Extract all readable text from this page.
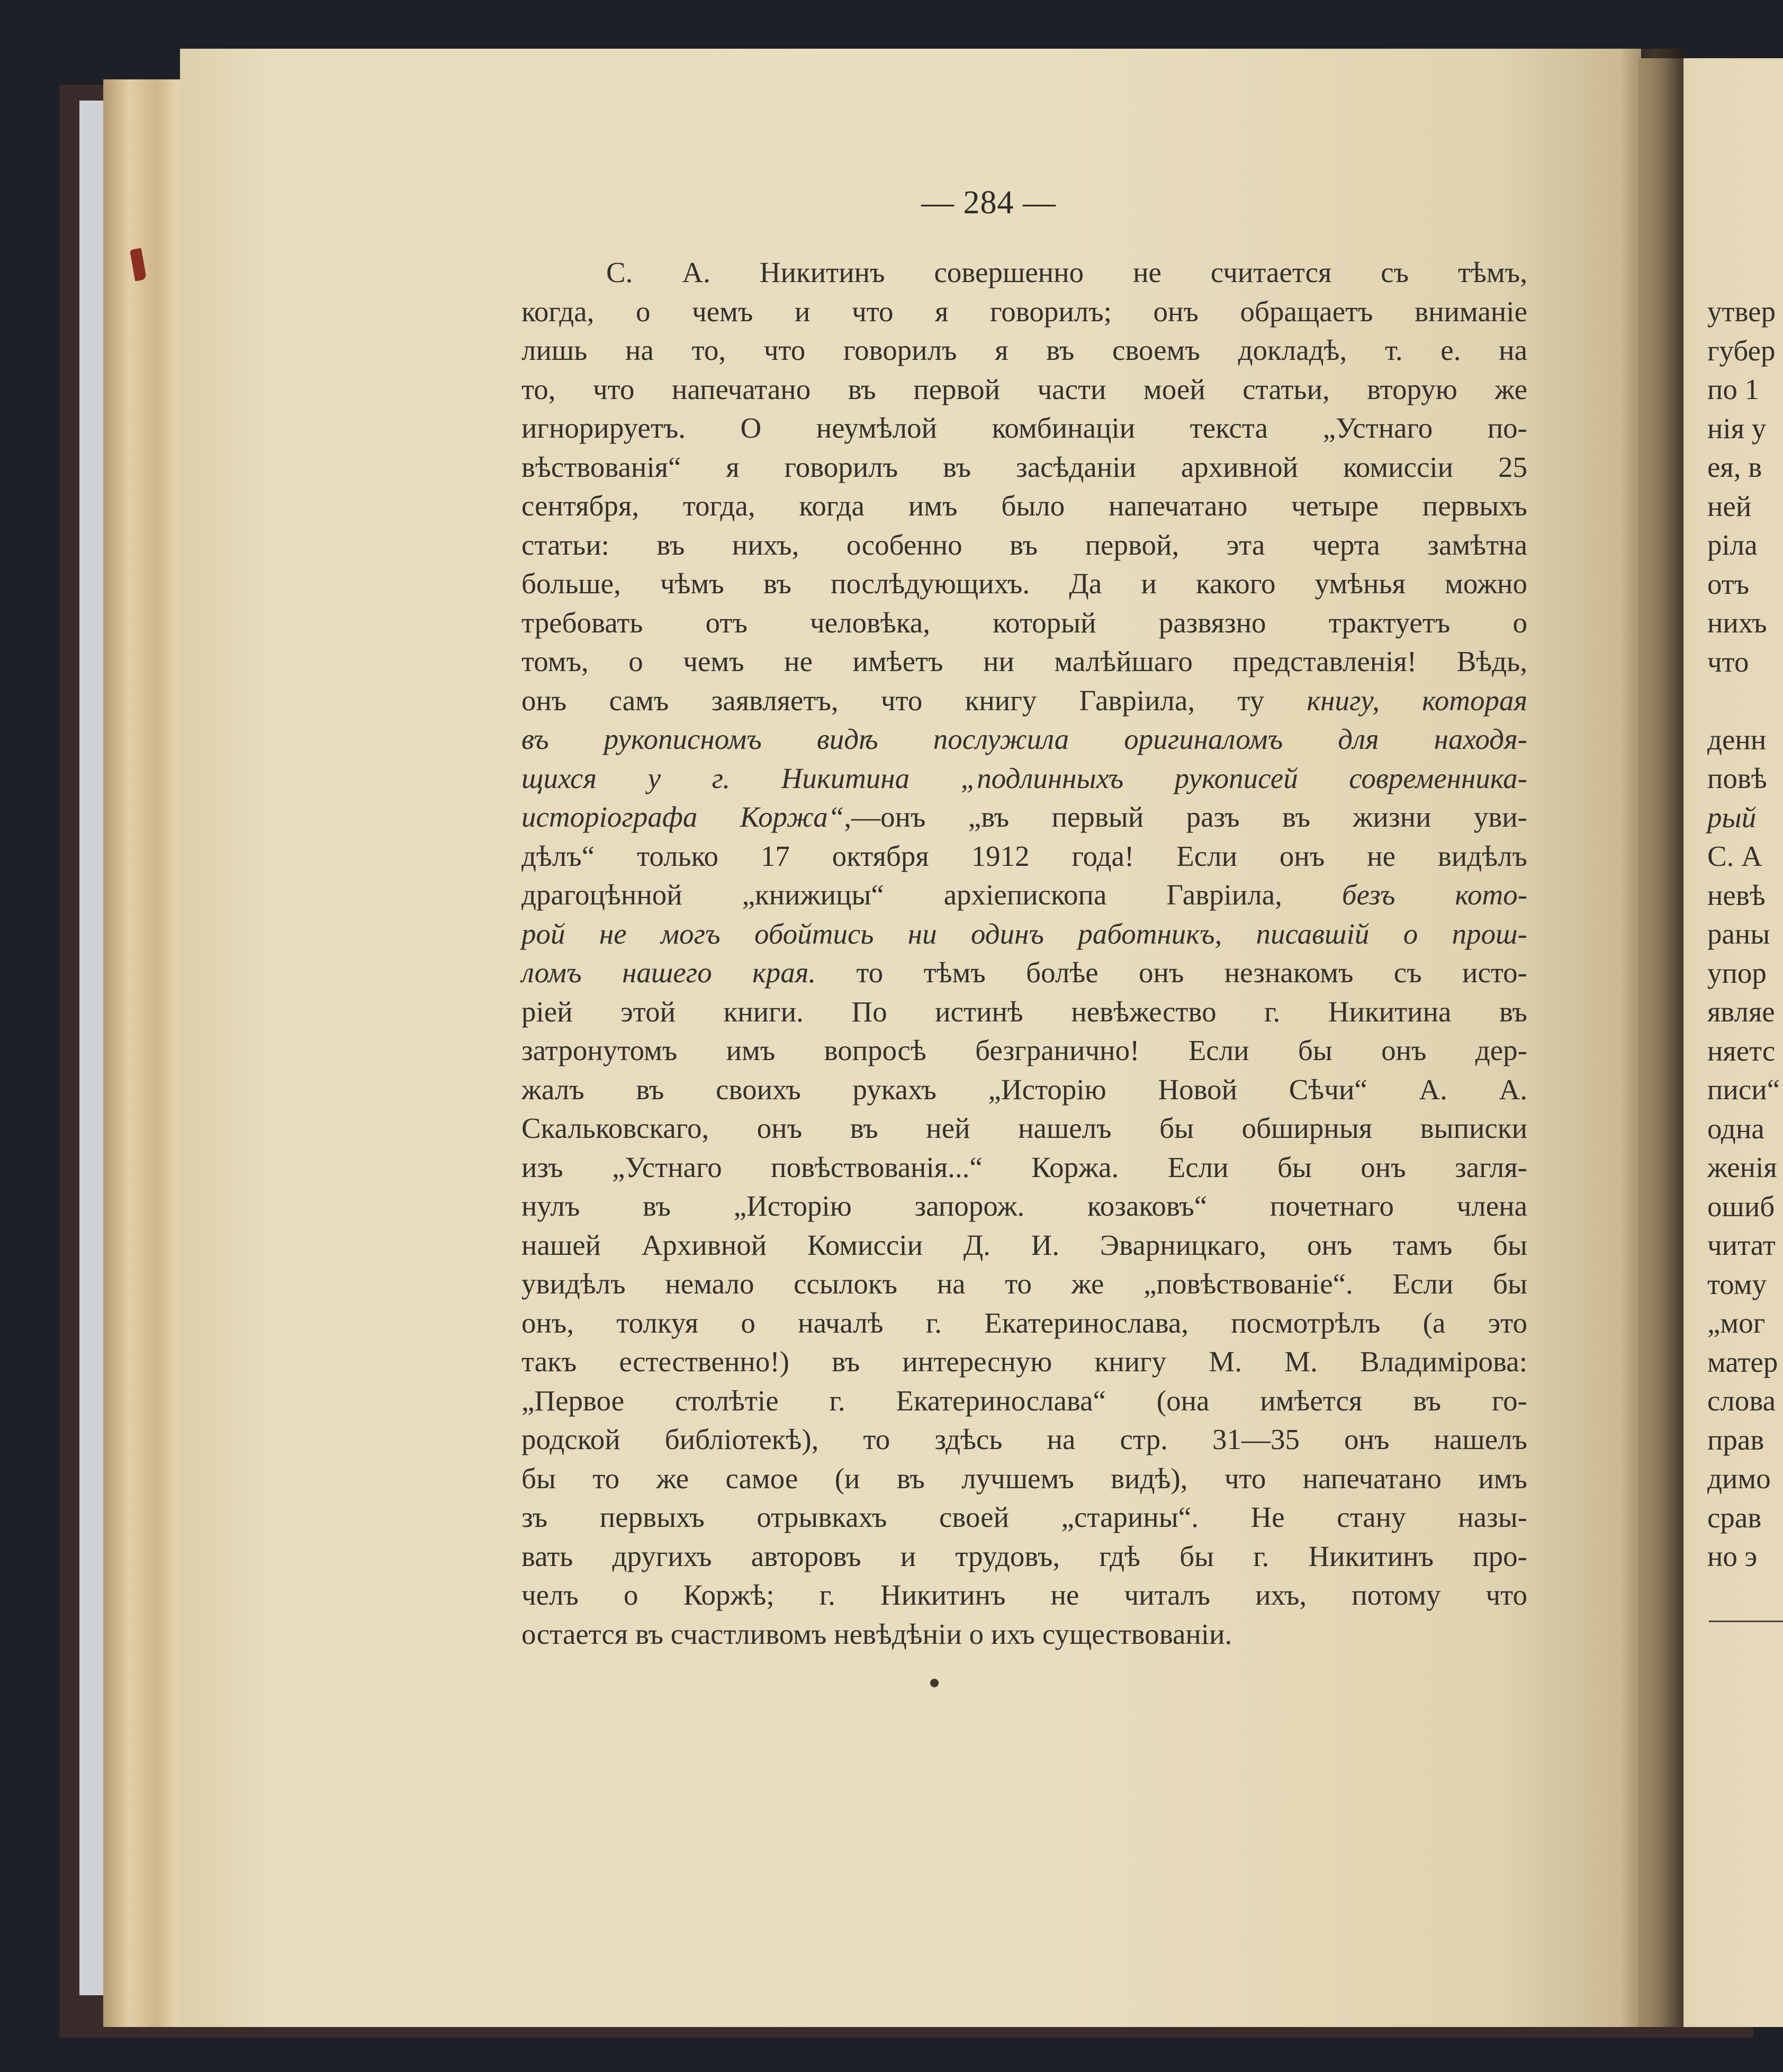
— 284 —
С. А. Никитинъ совершенно не считается съ тѣмъ,
когда, о чемъ и что я говорилъ; онъ обращаетъ вниманіе
лишь на то, что говорилъ я въ своемъ докладѣ, т. е. на
то, что напечатано въ первой части моей статьи, вторую же
игнорируетъ. О неумѣлой комбинаціи текста „Устнаго по-
вѣствованія“ я говорилъ въ засѣданіи архивной комиссіи 25
сентября, тогда, когда имъ было напечатано четыре первыхъ
статьи: въ нихъ, особенно въ первой, эта черта замѣтна
больше, чѣмъ въ послѣдующихъ. Да и какого умѣнья можно
требовать отъ человѣка, который развязно трактуетъ о
томъ, о чемъ не имѣетъ ни малѣйшаго представленія! Вѣдь,
онъ самъ заявляетъ, что книгу Гавріила, ту книгу, которая
въ рукописномъ видѣ послужила оригиналомъ для находя-
щихся у г. Никитина „подлинныхъ рукописей современника-
исторіографа Коржа“,—онъ „въ первый разъ въ жизни уви-
дѣлъ“ только 17 октября 1912 года! Если онъ не видѣлъ
драгоцѣнной „книжицы“ архіепископа Гавріила, безъ кото-
рой не могъ обойтись ни одинъ работникъ, писавшій о прош-
ломъ нашего края. то тѣмъ болѣе онъ незнакомъ съ исто-
ріей этой книги. По истинѣ невѣжество г. Никитина въ
затронутомъ имъ вопросѣ безгранично! Если бы онъ дер-
жалъ въ своихъ рукахъ „Исторію Новой Сѣчи“ А. А.
Скальковскаго, онъ въ ней нашелъ бы обширныя выписки
изъ „Устнаго повѣствованія...“ Коржа. Если бы онъ загля-
нулъ въ „Исторію запорож. козаковъ“ почетнаго члена
нашей Архивной Комиссіи Д. И. Эварницкаго, онъ тамъ бы
увидѣлъ немало ссылокъ на то же „повѣствованіе“. Если бы
онъ, толкуя о началѣ г. Екатеринослава, посмотрѣлъ (а это
такъ естественно!) въ интересную книгу М. М. Владимірова:
„Первое столѣтіе г. Екатеринослава“ (она имѣется въ го-
родской библіотекѣ), то здѣсь на стр. 31—35 онъ нашелъ
бы то же самое (и въ лучшемъ видѣ), что напечатано имъ
зъ первыхъ отрывкахъ своей „старины“. Не стану назы-
вать другихъ авторовъ и трудовъ, гдѣ бы г. Никитинъ про-
челъ о Коржѣ; г. Никитинъ не читалъ ихъ, потому что
остается въ счастливомъ невѣдѣніи о ихъ существованіи.
утвер
губер
по 1
нія у
ея, в
ней
ріла
отъ
нихъ
что
денн
повѣ
рый
С. А
невѣ
раны
упор
являе
няетс
писи“
одна
женія
ошиб
читат
тому
„мог
матер
слова
прав
димо
срав
но э
